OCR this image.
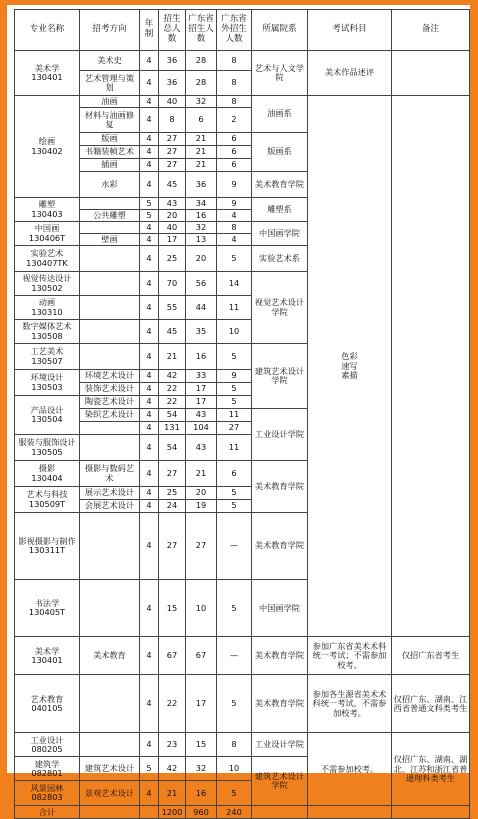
专业名称	招考方向	年制	招生总人数	广东省招生人数	广东省外招生人数	所属院系	考试科目	备注	
美术学
130401	美术史	4	36	28	8	艺术与人文学院	美术作品述评		
	艺术管理与策划	4	36	28	8				
绘画
130402	油画	4	40	32	8	油画系	色彩
速写
素描		
	材料与油画修复	4	8	6	2				
	版画	4	27	21	6	版画系			
	书籍装帧艺术	4	27	21	6				
	插画	4	27	21	6				
	水彩	4	45	36	9	美术教育学院			
雕塑
130403		5	43	34	9	雕塑系			
	公共雕塑	5	20	16	4				
中国画
130406T		4	40	32	8	中国画学院			
	壁画	4	17	13	4				
实验艺术
130407TK		4	25	20	5	实验艺术系			
视觉传达设计
130502		4	70	56	14	视觉艺术设计学院			
动画
130310		4	55	44	11				
数字媒体艺术
130508		4	45	35	10				
工艺美术
130507		4	21	16	5	建筑艺术设计学院			
环境设计
130503	环境艺术设计	4	42	33	9				
	装饰艺术设计	4	22	17	5				
产品设计
130504	陶瓷艺术设计	4	22	17	5				
	染织艺术设计	4	54	43	11	工业设计学院			
		4	131	104	27				
服装与服饰设计
130505		4	54	43	11				
摄影
130404	摄影与数码艺术	4	27	21	6	美术教育学院			
艺术与科技
130509T	展示艺术设计	4	25	20	5				
	会展艺术设计	4	24	19	5				
影视摄影与制作
130311T		4	27	27	—	美术教育学院		
书法学
130405T		4	15	10	5	中国画学院		
美术学
130401	美术教育	4	67	67	—	美术教育学院	参加广东省美术术科统一考试；不需参加校考。	仅招广东省考生	
艺术教育
040105		4	22	17	5	美术教育学院	参加各生源省美术术科统一考试，不需参加校考。	仅招广东、湖南、江西省普通文科类考生	
工业设计
080205		4	23	15	8	工业设计学院	不需参加校考。	仅招广东、湖南、湖北、江苏和浙江省普通理科类考生	
建筑学
082801	建筑艺术设计	5	42	32	10	建筑艺术设计学院			
风景园林
082803	景观艺术设计	4	21	16	5				
合计			1200	960	240				
